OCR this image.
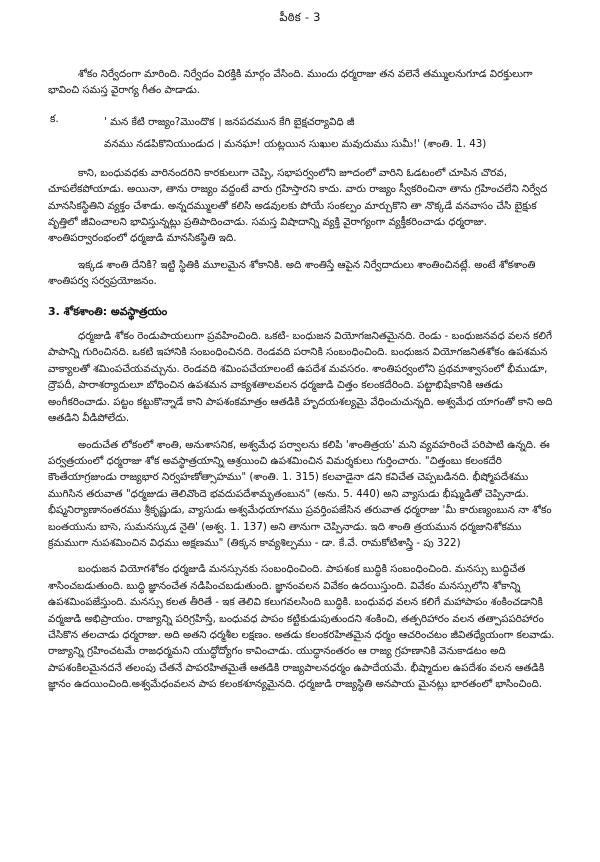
పీఠిక - 3

శోకం నిర్వేదంగా మారింది. నిర్వేదం విరక్తికి మార్గం వేసింది. ముందు ధర్మరాజు తన వలెనే తమ్ములనుగూడ విరక్తులుగా భావించి సమస్త వైరాగ్య గీతం పాడాడు.

క.	' మన కేటి రాజ్యం?మొందొక । జనపదమున కేగి బైక్షచర్యావిధి జీ
వనము నడపికొనియుండుద । మనఘా! యట్లయిన సుఖుల మవుదుము సుమీ!' (శాంతి. 1. 43)

కాని, బంధువధకు వారినందరిని కారకులుగా చెప్పి, సభాపర్వంలోని జూదంలో వారిని ఓడటంలో చూపిన చొరవ, చూపలేకపోయాడు. అయినా, తాను రాజ్యం వద్దంటే వారు గ్రహిస్తారని కాదు. వారు రాజ్యం స్వీకరించినా తాను గ్రహించలేని నిర్వేద మానసికస్థితిని వ్యక్తం చేశాడు. అన్నదమ్ములతో కలిసి అడవులకు పోయే సంకల్పం మార్చుకొని తా నొక్కడే వనవాసం చేసి బైక్షుక వృత్తిలో జీవించాలని భావిస్తున్నట్లు ప్రతిపాదించాడు. సమస్త విషాదాన్ని వ్యక్తి వైరాగ్యంగా వ్యక్తీకరించాడు ధర్మరాజు. శాంతిపర్వారంభంలో ధర్మజుడి మానసికస్థితి ఇది.

ఇక్కడ శాంతి దేనికి? ఇట్టి స్థితికి మూలమైన శోకానికి. అది శాంతిస్తే ఆపైన నిర్వేదాదులు శాంతించినట్లే. అంటే శోకశాంతి శాంతిపర్వ సర్వప్రయోజనం.

3. శోకశాంతి: అవస్థాత్రయం

ధర్మజుడి శోకం రెండుపాయలుగా ప్రవహించింది. ఒకటి- బంధుజన వియోగజనితమైనది. రెండు - బంధుజనవధ వలన కలిగే పాపాన్ని గురించినది. ఒకటి ఇహానికి సంబంధించినది. రెండవది పరానికి సంబంధించింది. బంధుజన వియోగజనితశోకం ఉపశమన వాక్యాలతో శమింపచేయవచ్చును. రెండవది శమింపచేయాలంటే ఉపదేశ మవసరం. శాంతిపర్వంలోని ప్రథమాశ్వాసంలో భీముడూ, ద్రౌపదీ, పారాశర్యాదులూ బోధించిన ఉపశమన వాక్యశతాలవలన ధర్మజుడి చిత్తం కలంకదేరింది. పట్టాభిషేకానికి ఆతడు అంగీకరించాడు. పట్టం కట్టుకొన్నాడే కాని పాపశంకమాత్రం ఆతడికి హృదయశల్యమై వేధించుచున్నది. అశ్వమేధ యాగంతో కాని అది ఆతడిని వీడిపోలేదు.

అందుచేత లోకంలో శాంతి, అనుశాసనిక, అశ్వమేధ పర్వాలను కలిపి 'శాంతిత్రయ' మని వ్యవహరించే పరిపాటి ఉన్నది. ఈ పర్వత్రయంలో ధర్మరాజు శోక అవస్థాత్రయాన్ని ఆశ్రయించి ఉపశమించిన విమర్శకులు గుర్తించారు. "చిత్తంబు కలంకదేరి కౌంతేయాగ్రజుండు రాజ్యభార నిర్వహణోత్సాహము" (శాంతి. 1. 315) కలవాడైనా డని కవిచేత చెప్పబడినది. భీష్మోపదేశము ముగిసిన తరువాత "ధర్మజుడు తెలివొందె భవదుపదేశామృతంబున" (అను. 5. 440) అని వ్యాసుడు భీష్ముడితో చెప్పినాడు. భీష్మనిర్యాణానంతరము శ్రీకృష్ణుడు, వ్యాసుడు అశ్వమేధయాగము ప్రవర్తింపజేసిన తరువాత ధర్మరాజు 'మీ కారుణ్యంబున నా శోకం బంతయును బాసె, సుమనస్కుడ నైతి' (అశ్వ. 1. 137) అని తానుగా చెప్పినాడు. ఇది శాంతి త్రయమున ధర్మజునిశోకము క్రమముగా నుపశమించిన విధము అక్షణము" (తిక్కన కావ్యశిల్పము - డా. కే.వే. రామకోటిశాస్త్రి - పు 322)

బంధుజన వియోగశోకం ధర్మజుడి మనస్సునకు సంబంధించింది. పాపశంక బుద్ధికి సంబంధించింది. మనస్సు బుద్ధిచేత శాసించబడుతుంది. బుద్ధి జ్ఞానంచేత నడిపించబడుతుంది. జ్ఞానంవలన వివేకం ఉదయిస్తుంది. వివేకం మనస్సులోని శోకాన్ని ఉపశమింపజేస్తుంది. మనస్సు కలత తీరితే - ఇక తెలివి కలుగవలసింది బుద్ధికి. బంధువధ వలన కలిగే మహాపాపం శంకించడానికి వర్మజుడి అభిప్రాయం. రాజ్యాన్ని పరిగ్రహిస్తే, బంధువధ పాపం కట్టికుడుపుతుందని శంకించి, తత్పరిహారం వలన తత్పాపపరిహారం చేసికొన తలచాడు ధర్మరాజు. అది అతని ధర్మశీల లక్షణం. అతడు కలంకరహితమైన ధర్మం ఆచరించటం జీవితధ్యేయంగా కలవాడు. రాజ్యాన్ని గ్రహించటమే రాజధర్మమని యుద్ధోద్యోగం కావించాడు. యుద్ధానంతరం ఆ రాజ్య గ్రహణానికి వెనుకాడటం అది పాపశంకిలమైనదనే తలంపు చేతనే పాపరహితమైతే ఆతడికి రాజ్యపాలనధర్మం ఉపాదేయమే. భీష్మాదుల ఉపదేశం వలన ఆతడికి జ్ఞానం ఉదయించింది.అశ్వమేధంవలన పాప కలంకశూన్యమైనది. ధర్మజుడి రాజ్యస్థితి అనపాయ మైనట్లు భారతంలో భాసించింది.
